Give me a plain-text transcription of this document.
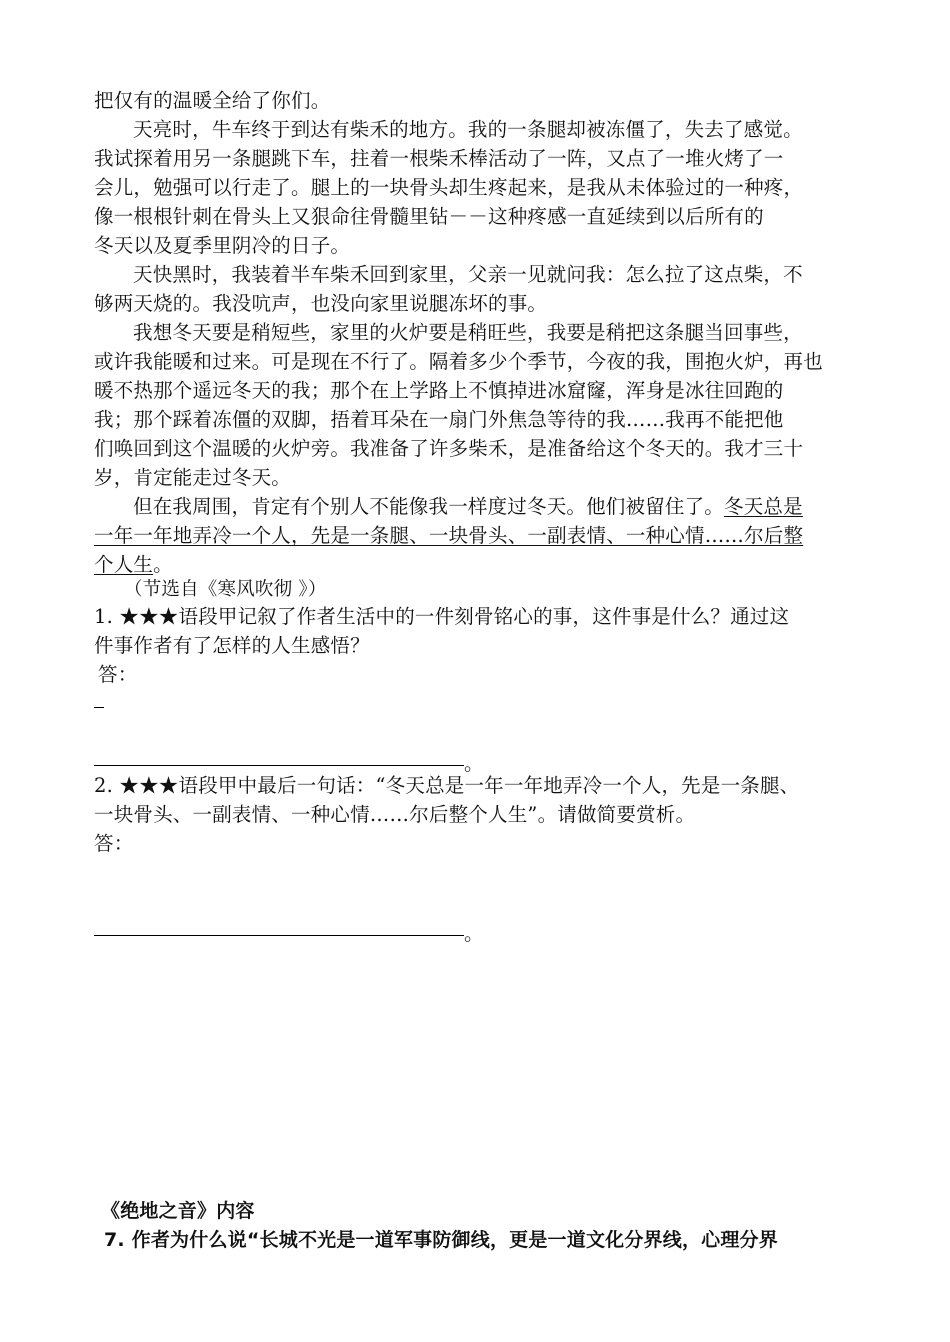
把仅有的温暖全给了你们。
天亮时，牛车终于到达有柴禾的地方。我的一条腿却被冻僵了，失去了感觉。
我试探着用另一条腿跳下车，拄着一根柴禾棒活动了一阵，又点了一堆火烤了一
会儿，勉强可以行走了。腿上的一块骨头却生疼起来，是我从未体验过的一种疼，
像一根根针刺在骨头上又狠命往骨髓里钻－－这种疼感一直延续到以后所有的
冬天以及夏季里阴冷的日子。
天快黑时，我装着半车柴禾回到家里，父亲一见就问我：怎么拉了这点柴，不
够两天烧的。我没吭声，也没向家里说腿冻坏的事。
我想冬天要是稍短些，家里的火炉要是稍旺些，我要是稍把这条腿当回事些，
或许我能暖和过来。可是现在不行了。隔着多少个季节，今夜的我，围抱火炉，再也
暖不热那个遥远冬天的我；那个在上学路上不慎掉进冰窟窿，浑身是冰往回跑的
我；那个踩着冻僵的双脚，捂着耳朵在一扇门外焦急等待的我……我再不能把他
们唤回到这个温暖的火炉旁。我准备了许多柴禾，是准备给这个冬天的。我才三十
岁，肯定能走过冬天。
但在我周围，肯定有个别人不能像我一样度过冬天。他们被留住了。冬天总是
一年一年地弄冷一个人，先是一条腿、一块骨头、一副表情、一种心情……尔后整
个人生。
（节选自《寒风吹彻 》）
1. ★★★语段甲记叙了作者生活中的一件刻骨铭心的事，这件事是什么？通过这
件事作者有了怎样的人生感悟？
答：
。
2. ★★★语段甲中最后一句话：“冬天总是一年一年地弄冷一个人，先是一条腿、
一块骨头、一副表情、一种心情……尔后整个人生”。请做简要赏析。
答：
。
《绝地之音》内容
7. 作者为什么说“长城不光是一道军事防御线，更是一道文化分界线，心理分界
